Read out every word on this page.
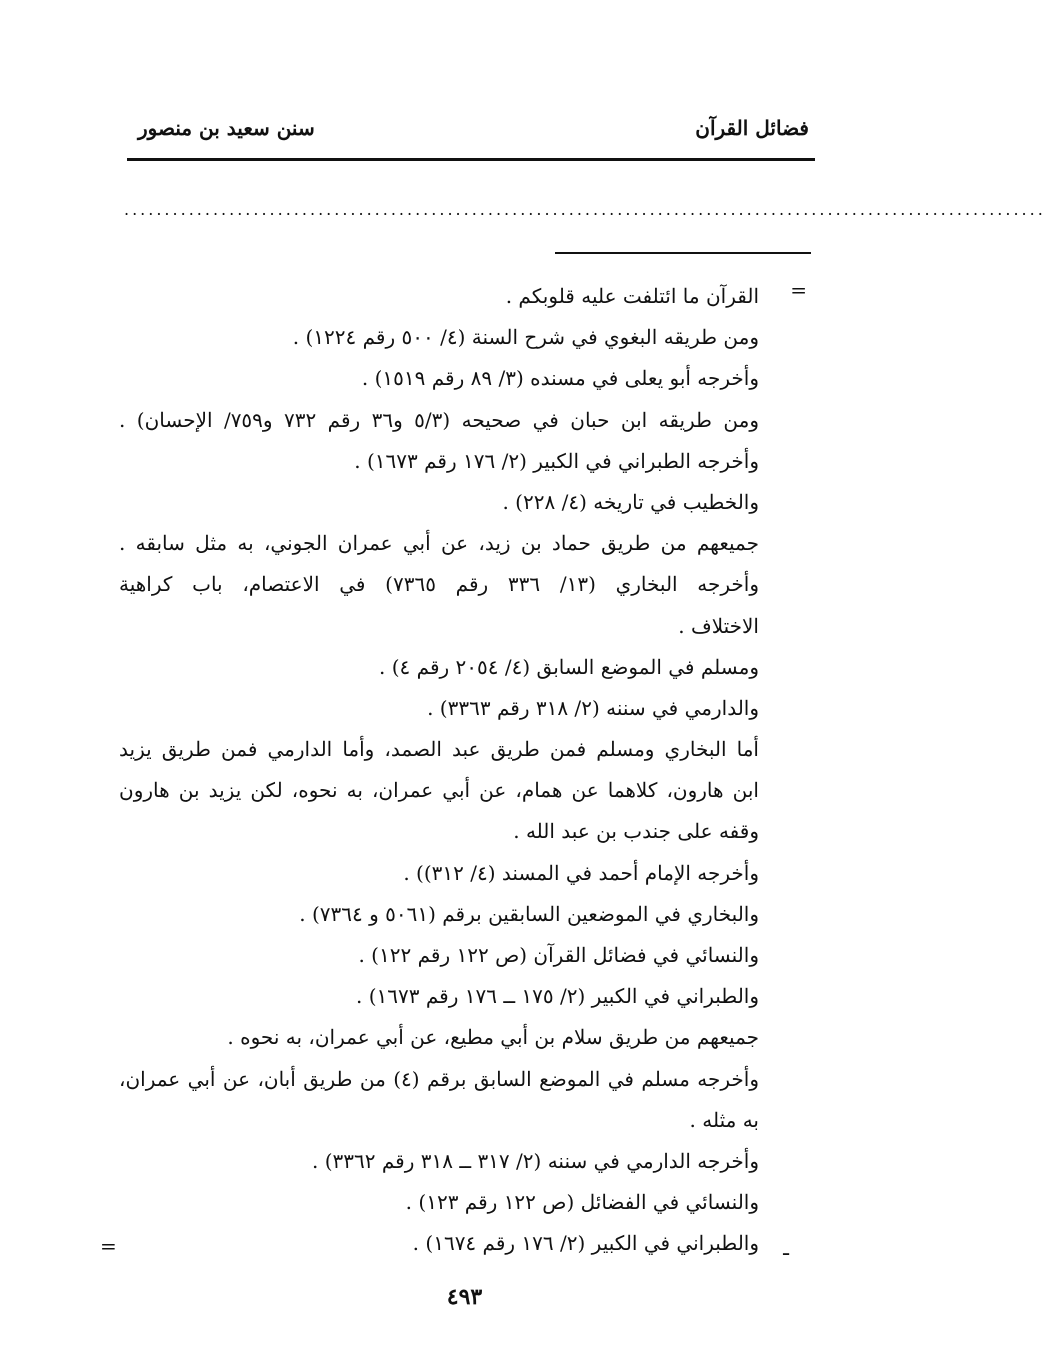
فضائل القرآن
سنن سعيد بن منصور
..................................................................................................................
=
القرآن ما ائتلفت عليه قلوبكم .
ومن طريقه البغوي في شرح السنة (٤/ ٥٠٠ رقم ١٢٢٤) .
وأخرجه أبو يعلى في مسنده (٣/ ٨٩ رقم ١٥١٩) .
ومن طريقه ابن حبان في صحيحه (٥/٣ و٣٦ رقم ٧٣٢ و٧٥٩/ الإحسان) .
وأخرجه الطبراني في الكبير (٢/ ١٧٦ رقم ١٦٧٣) .
والخطيب في تاريخه (٤/ ٢٢٨) .
جميعهم من طريق حماد بن زيد، عن أبي عمران الجوني، به مثل سابقه .
وأخرجه البخاري (١٣/ ٣٣٦ رقم ٧٣٦٥) في الاعتصام، باب كراهية
الاختلاف .
ومسلم في الموضع السابق (٤/ ٢٠٥٤ رقم ٤) .
والدارمي في سننه (٢/ ٣١٨ رقم ٣٣٦٣) .
أما البخاري ومسلم فمن طريق عبد الصمد، وأما الدارمي فمن طريق يزيد
ابن هارون، كلاهما عن همام، عن أبي عمران، به نحوه، لكن يزيد بن هارون
وقفه على جندب بن عبد الله .
وأخرجه الإمام أحمد في المسند (٤/ ٣١٢)) .
والبخاري في الموضعين السابقين برقم (٥٠٦١ و ٧٣٦٤) .
والنسائي في فضائل القرآن (ص ١٢٢ رقم ١٢٢) .
والطبراني في الكبير (٢/ ١٧٥ ــ ١٧٦ رقم ١٦٧٣) .
جميعهم من طريق سلام بن أبي مطيع، عن أبي عمران، به نحوه .
وأخرجه مسلم في الموضع السابق برقم (٤) من طريق أبان، عن أبي عمران،
به مثله .
وأخرجه الدارمي في سننه (٢/ ٣١٧ ــ ٣١٨ رقم ٣٣٦٢) .
والنسائي في الفضائل (ص ١٢٢ رقم ١٢٣) .
والطبراني في الكبير (٢/ ١٧٦ رقم ١٦٧٤) . ـ
=
٤٩٣
